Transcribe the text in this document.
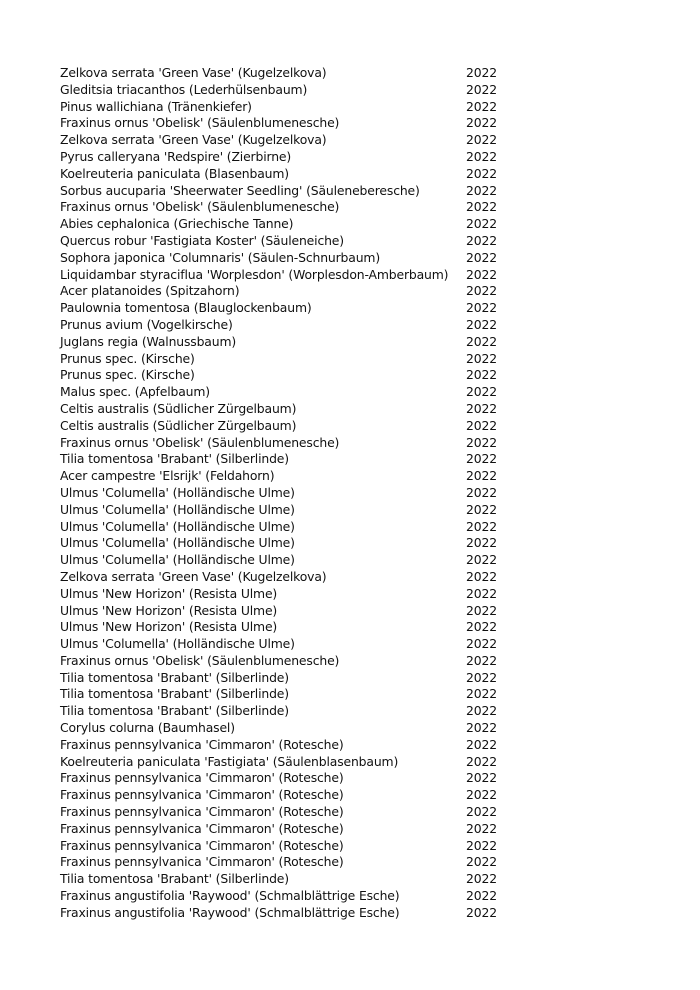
Zelkova serrata 'Green Vase' (Kugelzelkova)	2022
Gleditsia triacanthos (Lederhülsenbaum)	2022
Pinus wallichiana (Tränenkiefer)	2022
Fraxinus ornus 'Obelisk' (Säulenblumenesche)	2022
Zelkova serrata 'Green Vase' (Kugelzelkova)	2022
Pyrus calleryana 'Redspire' (Zierbirne)	2022
Koelreuteria paniculata (Blasenbaum)	2022
Sorbus aucuparia 'Sheerwater Seedling' (Säuleneberesche)	2022
Fraxinus ornus 'Obelisk' (Säulenblumenesche)	2022
Abies cephalonica (Griechische Tanne)	2022
Quercus robur 'Fastigiata Koster' (Säuleneiche)	2022
Sophora japonica 'Columnaris' (Säulen-Schnurbaum)	2022
Liquidambar styraciflua 'Worplesdon' (Worplesdon-Amberbaum)	2022
Acer platanoides (Spitzahorn)	2022
Paulownia tomentosa (Blauglockenbaum)	2022
Prunus avium (Vogelkirsche)	2022
Juglans regia (Walnussbaum)	2022
Prunus spec. (Kirsche)	2022
Prunus spec. (Kirsche)	2022
Malus spec. (Apfelbaum)	2022
Celtis australis (Südlicher Zürgelbaum)	2022
Celtis australis (Südlicher Zürgelbaum)	2022
Fraxinus ornus 'Obelisk' (Säulenblumenesche)	2022
Tilia tomentosa 'Brabant' (Silberlinde)	2022
Acer campestre 'Elsrijk' (Feldahorn)	2022
Ulmus 'Columella' (Holländische Ulme)	2022
Ulmus 'Columella' (Holländische Ulme)	2022
Ulmus 'Columella' (Holländische Ulme)	2022
Ulmus 'Columella' (Holländische Ulme)	2022
Ulmus 'Columella' (Holländische Ulme)	2022
Zelkova serrata 'Green Vase' (Kugelzelkova)	2022
Ulmus 'New Horizon' (Resista Ulme)	2022
Ulmus 'New Horizon' (Resista Ulme)	2022
Ulmus 'New Horizon' (Resista Ulme)	2022
Ulmus 'Columella' (Holländische Ulme)	2022
Fraxinus ornus 'Obelisk' (Säulenblumenesche)	2022
Tilia tomentosa 'Brabant' (Silberlinde)	2022
Tilia tomentosa 'Brabant' (Silberlinde)	2022
Tilia tomentosa 'Brabant' (Silberlinde)	2022
Corylus colurna (Baumhasel)	2022
Fraxinus pennsylvanica 'Cimmaron' (Rotesche)	2022
Koelreuteria paniculata 'Fastigiata' (Säulenblasenbaum)	2022
Fraxinus pennsylvanica 'Cimmaron' (Rotesche)	2022
Fraxinus pennsylvanica 'Cimmaron' (Rotesche)	2022
Fraxinus pennsylvanica 'Cimmaron' (Rotesche)	2022
Fraxinus pennsylvanica 'Cimmaron' (Rotesche)	2022
Fraxinus pennsylvanica 'Cimmaron' (Rotesche)	2022
Fraxinus pennsylvanica 'Cimmaron' (Rotesche)	2022
Tilia tomentosa 'Brabant' (Silberlinde)	2022
Fraxinus angustifolia 'Raywood' (Schmalblättrige Esche)	2022
Fraxinus angustifolia 'Raywood' (Schmalblättrige Esche)	2022
